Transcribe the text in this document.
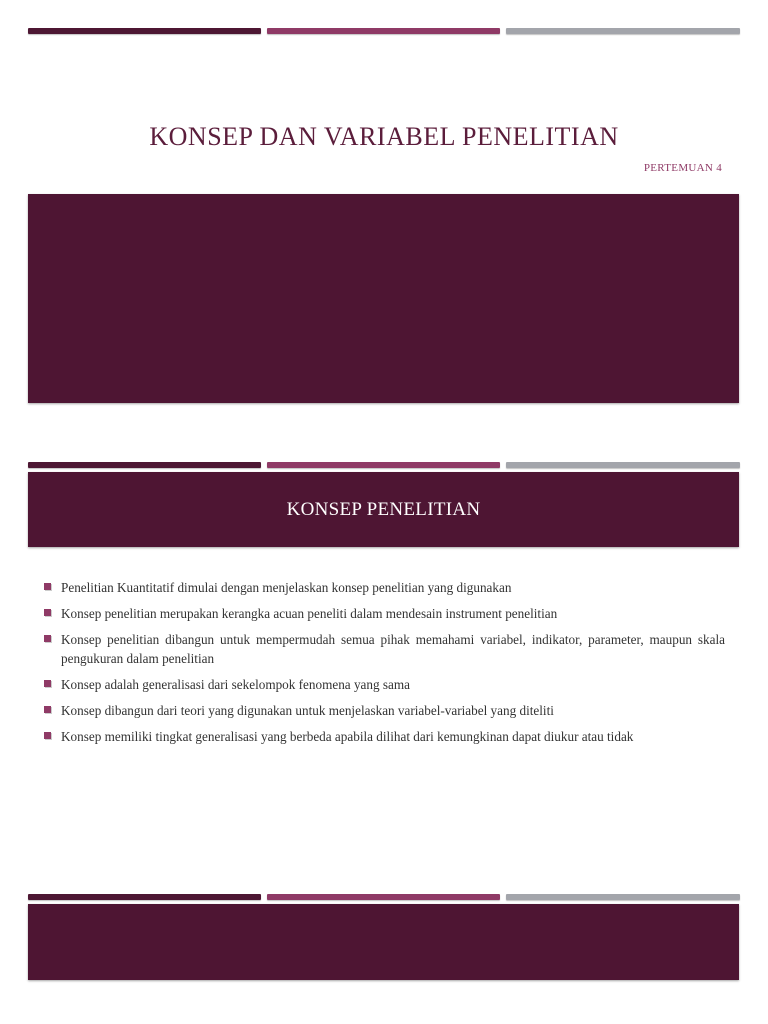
KONSEP DAN VARIABEL PENELITIAN
PERTEMUAN 4
KONSEP PENELITIAN
Penelitian Kuantitatif dimulai dengan menjelaskan konsep penelitian yang digunakan
Konsep penelitian merupakan kerangka acuan peneliti dalam mendesain instrument penelitian
Konsep penelitian dibangun untuk mempermudah semua pihak memahami variabel, indikator, parameter, maupun skala pengukuran dalam penelitian
Konsep adalah generalisasi dari sekelompok fenomena yang sama
Konsep dibangun dari teori yang digunakan untuk menjelaskan variabel-variabel yang diteliti
Konsep memiliki tingkat generalisasi yang berbeda apabila dilihat dari kemungkinan dapat diukur atau tidak
